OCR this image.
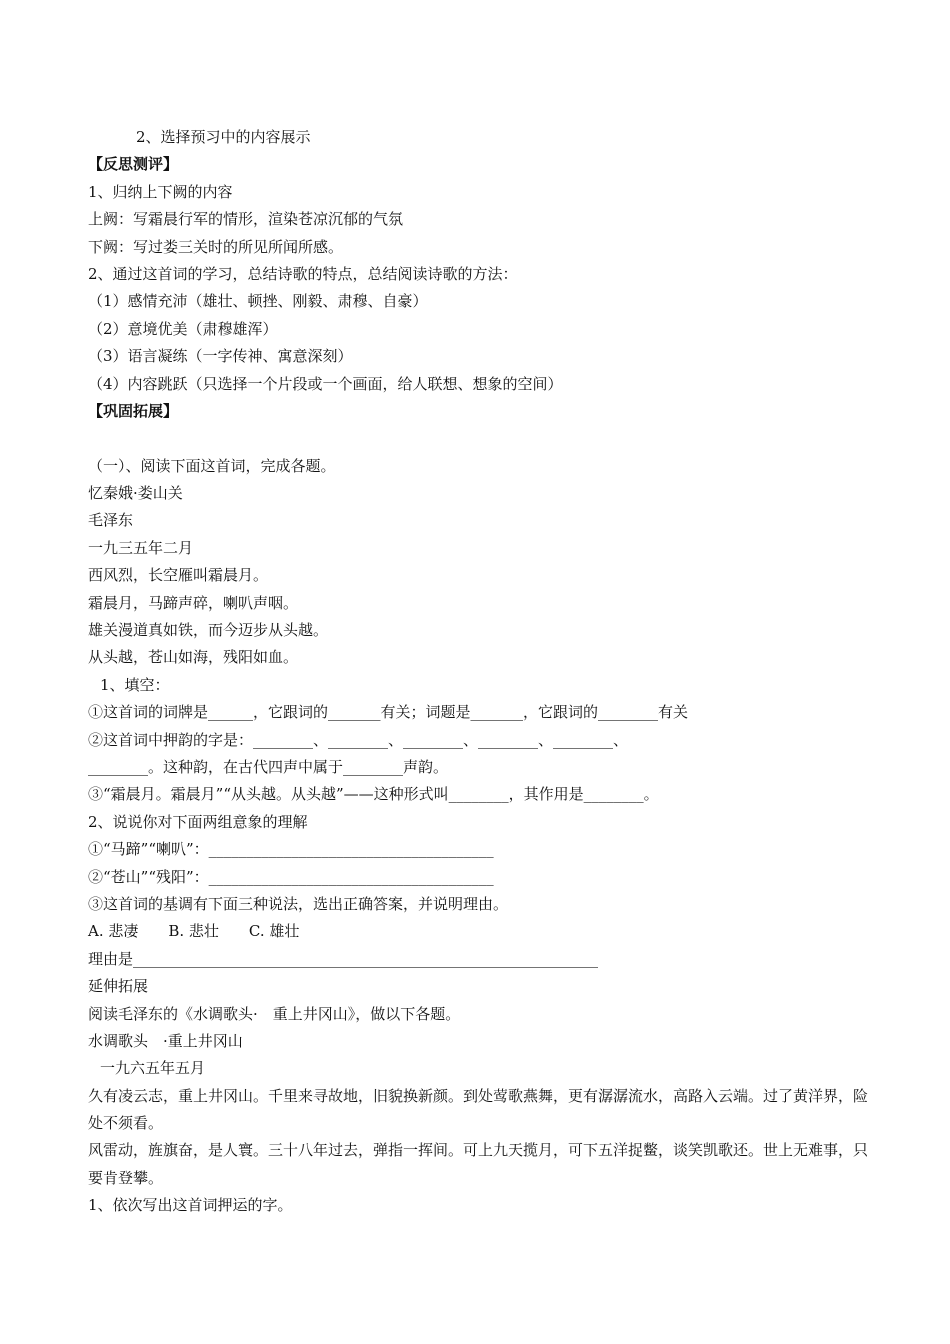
2、选择预习中的内容展示
【反思测评】
1、归纳上下阙的内容
上阙：写霜晨行军的情形，渲染苍凉沉郁的气氛
下阙：写过娄三关时的所见所闻所感。
2、通过这首词的学习，总结诗歌的特点，总结阅读诗歌的方法：
（1）感情充沛（雄壮、顿挫、刚毅、肃穆、自豪）
（2）意境优美（肃穆雄浑）
（3）语言凝练（一字传神、寓意深刻）
（4）内容跳跃（只选择一个片段或一个画面，给人联想、想象的空间）
【巩固拓展】
（一）、阅读下面这首词，完成各题。
忆秦娥·娄山关
毛泽东
一九三五年二月
西风烈，长空雁叫霜晨月。
霜晨月，马蹄声碎，喇叭声咽。
雄关漫道真如铁，而今迈步从头越。
从头越，苍山如海，残阳如血。
1、填空：
①这首词的词牌是______，它跟词的_______有关；词题是_______，它跟词的________有关
②这首词中押韵的字是：________、________、________、________、________、
________。这种韵，在古代四声中属于________声韵。
③“霜晨月。霜晨月”“从头越。从头越”——这种形式叫________，其作用是________。
2、说说你对下面两组意象的理解
①“马蹄”“喇叭”：______________________________________
②“苍山”“残阳”：______________________________________
③这首词的基调有下面三种说法，选出正确答案，并说明理由。
A. 悲凄　　B. 悲壮　　C. 雄壮
理由是______________________________________________________________
延伸拓展
阅读毛泽东的《水调歌头·　重上井冈山》，做以下各题。
水调歌头　·重上井冈山
一九六五年五月
久有凌云志，重上井冈山。千里来寻故地，旧貌换新颜。到处莺歌燕舞，更有潺潺流水，高路入云端。过了黄洋界，险处不须看。
风雷动，旌旗奋，是人寰。三十八年过去，弹指一挥间。可上九天揽月，可下五洋捉鳖，谈笑凯歌还。世上无难事，只要肯登攀。
1、依次写出这首词押运的字。
